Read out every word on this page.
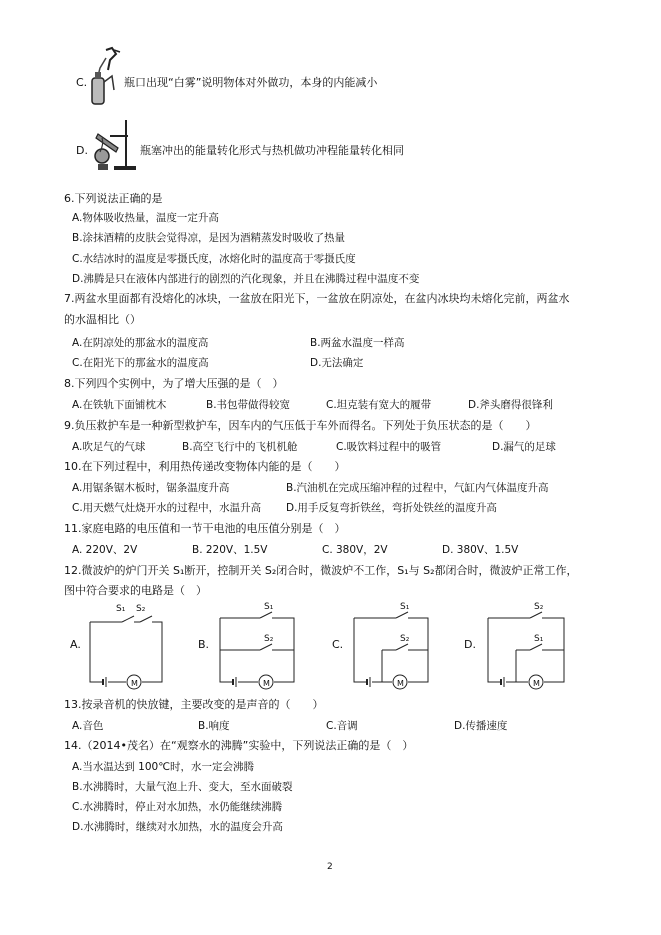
C.	瓶口出现“白雾”说明物体对外做功，本身的内能减小
D.	瓶塞冲出的能量转化形式与热机做功冲程能量转化相同
6.下列说法正确的是
A.物体吸收热量，温度一定升高
B.涂抹酒精的皮肤会觉得凉，是因为酒精蒸发时吸收了热量
C.水结冰时的温度是零摄氏度，冰熔化时的温度高于零摄氏度
D.沸腾是只在液体内部进行的剧烈的汽化现象，并且在沸腾过程中温度不变
7.两盆水里面都有没熔化的冰块，一盆放在阳光下，一盆放在阴凉处，在盆内冰块均未熔化完前，两盆水
的水温相比（）
A.在阴凉处的那盆水的温度高	B.两盆水温度一样高
C.在阳光下的那盆水的温度高	D.无法确定
8.下列四个实例中，为了增大压强的是（　）
A.在铁轨下面铺枕木	B.书包带做得较宽	C.坦克装有宽大的履带	D.斧头磨得很锋利
9.负压救护车是一种新型救护车，因车内的气压低于车外而得名。下列处于负压状态的是（　　）
A.吹足气的气球	B.高空飞行中的飞机机舱	C.吸饮料过程中的吸管	D.漏气的足球
10.在下列过程中，利用热传递改变物体内能的是（　　）
A.用锯条锯木板时，锯条温度升高	B.汽油机在完成压缩冲程的过程中，气缸内气体温度升高
C.用天燃气灶烧开水的过程中，水温升高 D.用手反复弯折铁丝，弯折处铁丝的温度升高
11.家庭电路的电压值和一节干电池的电压值分别是（　）
A. 220V、2V	B. 220V、1.5V	C. 380V，2V	D. 380V、1.5V
12.微波炉的炉门开关 S₁断开，控制开关 S₂闭合时，微波炉不工作，S₁与 S₂都闭合时，微波炉正常工作，
图中符合要求的电路是（　）
A.
S₁ S₂
M
B.
S₁
S₂
M
C.
S₁
S₂
M
D.
S₂
S₁
M
13.按录音机的快放键，主要改变的是声音的（　　）
A.音色	B.响度	C.音调	D.传播速度
14.（2014•茂名）在“观察水的沸腾”实验中，下列说法正确的是（　）
A.当水温达到 100℃时，水一定会沸腾
B.水沸腾时，大量气泡上升、变大，至水面破裂
C.水沸腾时，停止对水加热，水仍能继续沸腾
D.水沸腾时，继续对水加热，水的温度会升高
2
